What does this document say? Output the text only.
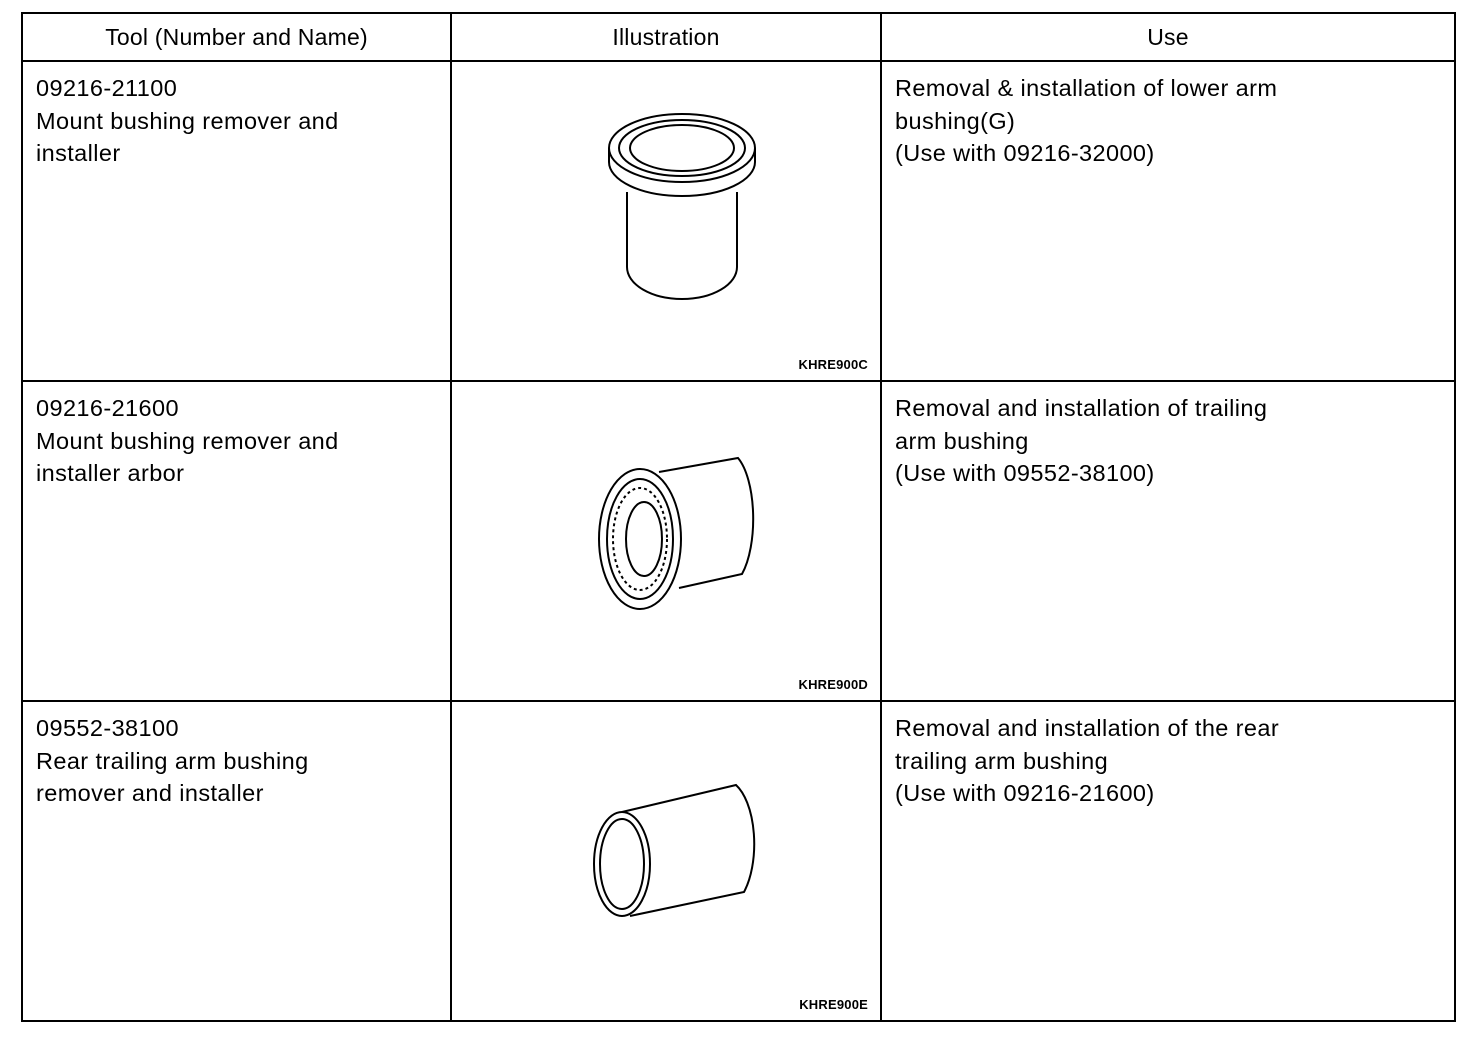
Tool (Number and Name)	Illustration	Use

09216-21100
Mount bushing remover and
installer	KHRE900C	Removal & installation of lower arm
bushing(G)
(Use with 09216-32000)

09216-21600
Mount bushing remover and
installer arbor	KHRE900D	Removal and installation of trailing
arm bushing
(Use with 09552-38100)

09552-38100
Rear trailing arm bushing
remover and installer	KHRE900E	Removal and installation of the rear
trailing arm bushing
(Use with 09216-21600)
